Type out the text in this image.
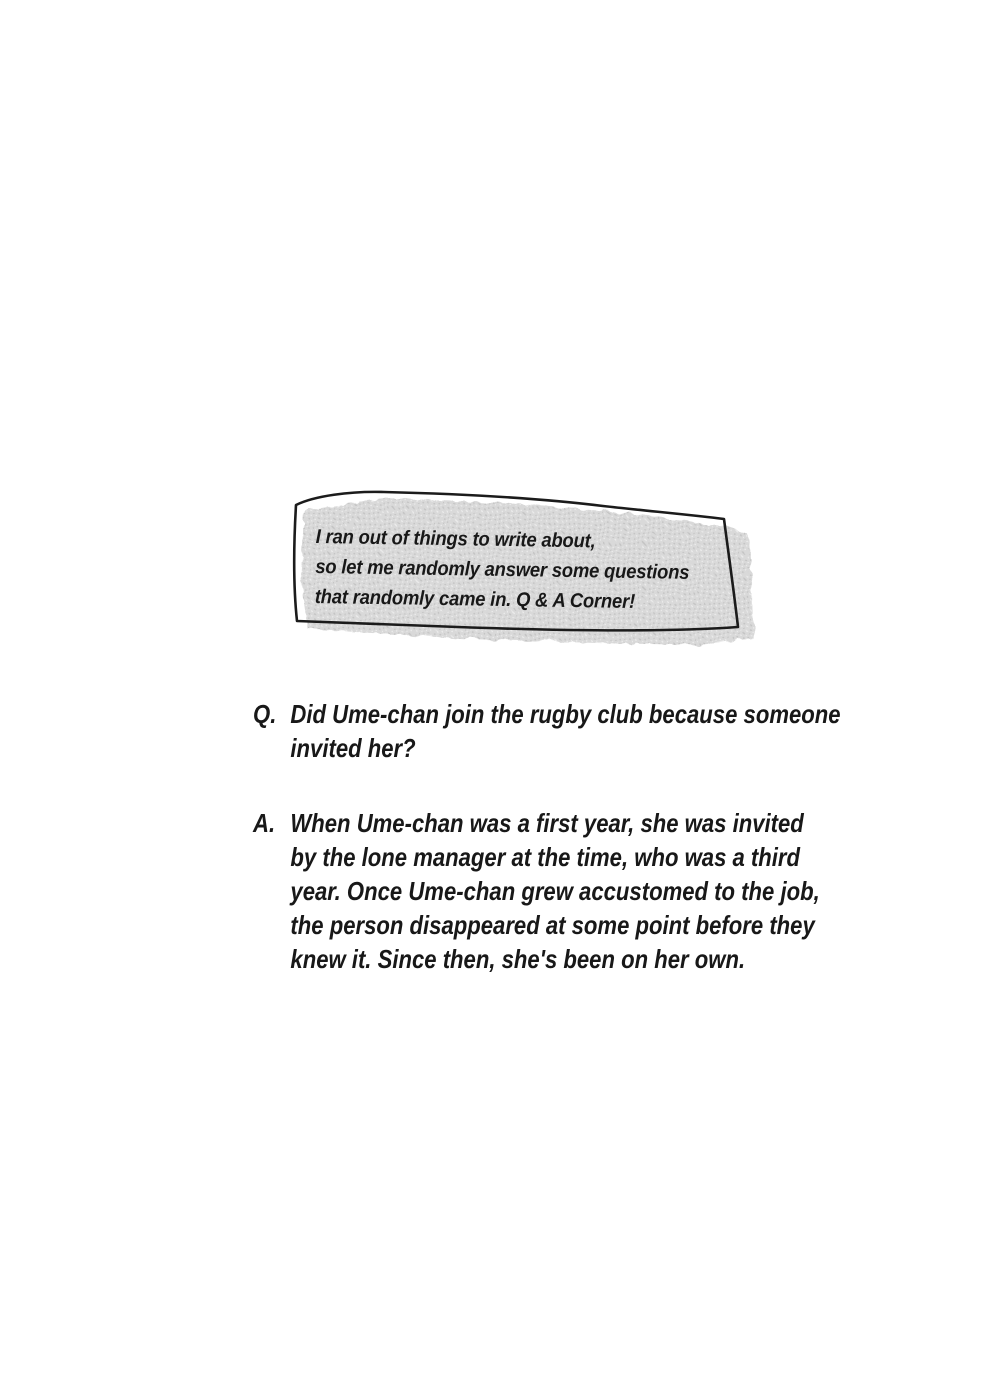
I ran out of things to write about,
so let me randomly answer some questions
that randomly came in. Q & A Corner!
Q. Did Ume-chan join the rugby club because someone
invited her?
A. When Ume-chan was a first year, she was invited
by the lone manager at the time, who was a third
year. Once Ume-chan grew accustomed to the job,
the person disappeared at some point before they
knew it. Since then, she's been on her own.
